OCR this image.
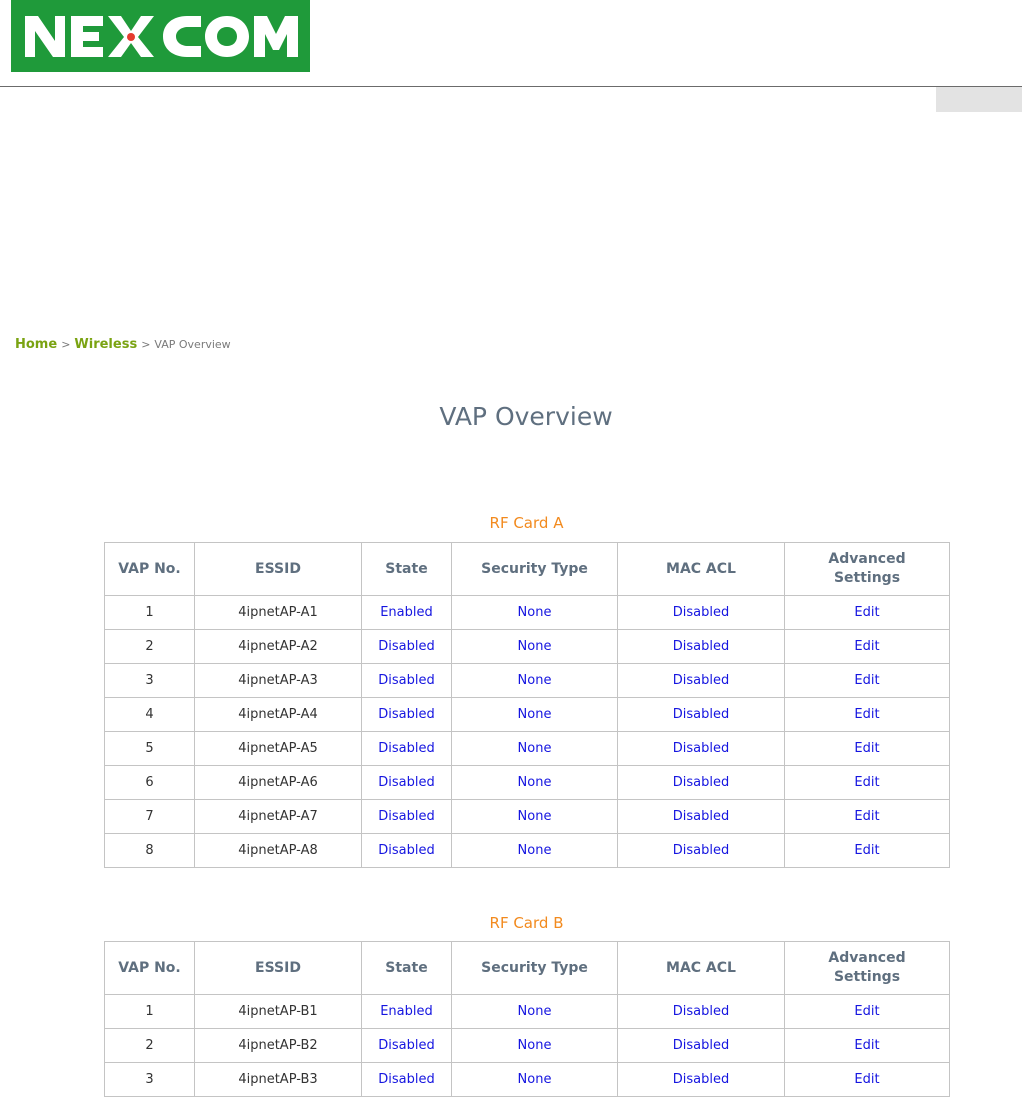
Home > Wireless > VAP Overview
VAP Overview
RF Card A
VAP No.	ESSID	State	Security Type	MAC ACL	Advanced
Settings
1	4ipnetAP-A1	Enabled	None	Disabled	Edit
2	4ipnetAP-A2	Disabled	None	Disabled	Edit
3	4ipnetAP-A3	Disabled	None	Disabled	Edit
4	4ipnetAP-A4	Disabled	None	Disabled	Edit
5	4ipnetAP-A5	Disabled	None	Disabled	Edit
6	4ipnetAP-A6	Disabled	None	Disabled	Edit
7	4ipnetAP-A7	Disabled	None	Disabled	Edit
8	4ipnetAP-A8	Disabled	None	Disabled	Edit
RF Card B
VAP No.	ESSID	State	Security Type	MAC ACL	Advanced
Settings
1	4ipnetAP-B1	Enabled	None	Disabled	Edit
2	4ipnetAP-B2	Disabled	None	Disabled	Edit
3	4ipnetAP-B3	Disabled	None	Disabled	Edit
